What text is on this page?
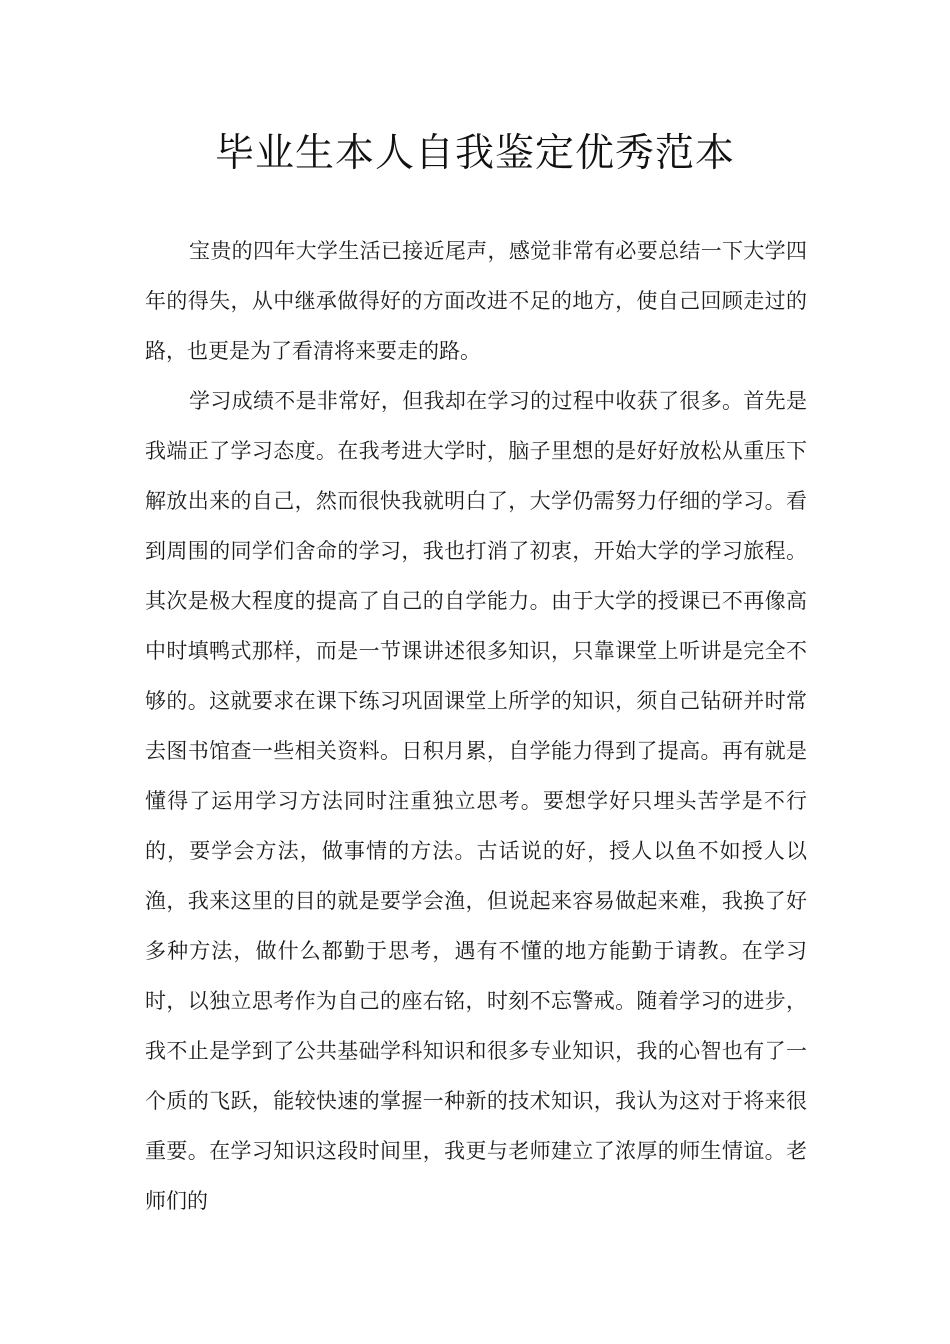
毕业生本人自我鉴定优秀范本

宝贵的四年大学生活已接近尾声，感觉非常有必要总结一下大学四年的得失，从中继承做得好的方面改进不足的地方，使自己回顾走过的路，也更是为了看清将来要走的路。

学习成绩不是非常好，但我却在学习的过程中收获了很多。首先是我端正了学习态度。在我考进大学时，脑子里想的是好好放松从重压下解放出来的自己，然而很快我就明白了，大学仍需努力仔细的学习。看到周围的同学们舍命的学习，我也打消了初衷，开始大学的学习旅程。其次是极大程度的提高了自己的自学能力。由于大学的授课已不再像高中时填鸭式那样，而是一节课讲述很多知识，只靠课堂上听讲是完全不够的。这就要求在课下练习巩固课堂上所学的知识，须自己钻研并时常去图书馆查一些相关资料。日积月累，自学能力得到了提高。再有就是懂得了运用学习方法同时注重独立思考。要想学好只埋头苦学是不行的，要学会方法，做事情的方法。古话说的好，授人以鱼不如授人以渔，我来这里的目的就是要学会渔，但说起来容易做起来难，我换了好多种方法，做什么都勤于思考，遇有不懂的地方能勤于请教。在学习时，以独立思考作为自己的座右铭，时刻不忘警戒。随着学习的进步，我不止是学到了公共基础学科知识和很多专业知识，我的心智也有了一个质的飞跃，能较快速的掌握一种新的技术知识，我认为这对于将来很重要。在学习知识这段时间里，我更与老师建立了浓厚的师生情谊。老师们的
